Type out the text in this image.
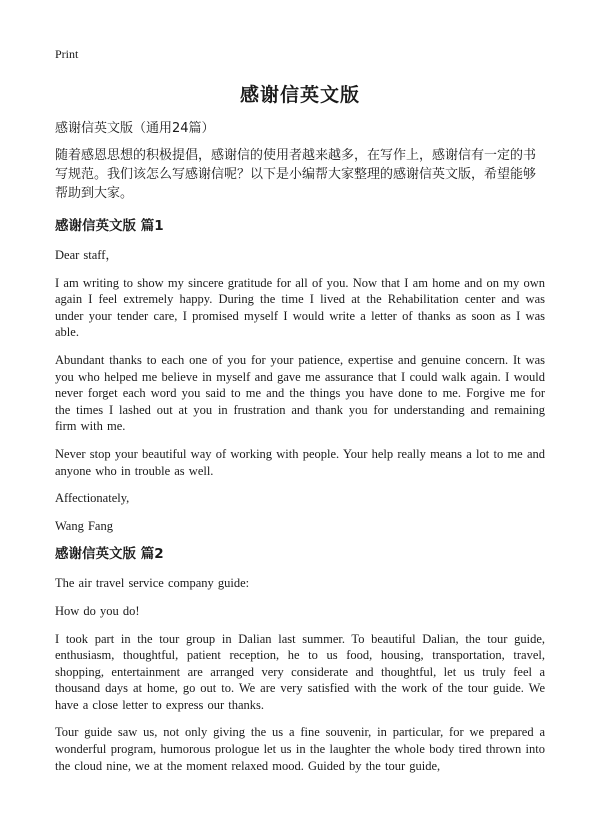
Print
感谢信英文版
感谢信英文版（通用24篇）
随着感恩思想的积极提倡，感谢信的使用者越来越多，在写作上，感谢信有一定的书写规范。我们该怎么写感谢信呢？以下是小编帮大家整理的感谢信英文版，希望能够帮助到大家。
感谢信英文版 篇1

Dear staff，

I am writing to show my sincere gratitude for all of you. Now that I am home and on my own again I feel extremely happy. During the time I lived at the Rehabilitation center and was under your tender care, I promised myself I would write a letter of thanks as soon as I was able.

Abundant thanks to each one of you for your patience, expertise and genuine concern. It was you who helped me believe in myself and gave me assurance that I could walk again. I would never forget each word you said to me and the things you have done to me. Forgive me for the times I lashed out at you in frustration and thank you for understanding and remaining firm with me.

Never stop your beautiful way of working with people. Your help really means a lot to me and anyone who in trouble as well.

Affectionately,

Wang Fang

感谢信英文版 篇2

The air travel service company guide:

How do you do!

I took part in the tour group in Dalian last summer. To beautiful Dalian, the tour guide, enthusiasm, thoughtful, patient reception, he to us food, housing, transportation, travel, shopping, entertainment are arranged very considerate and thoughtful, let us truly feel a thousand days at home, go out to. We are very satisfied with the work of the tour guide. We have a close letter to express our thanks.

Tour guide saw us, not only giving the us a fine souvenir, in particular, for we prepared a wonderful program, humorous prologue let us in the laughter the whole body tired thrown into the cloud nine, we at the moment relaxed mood. Guided by the tour guide,
